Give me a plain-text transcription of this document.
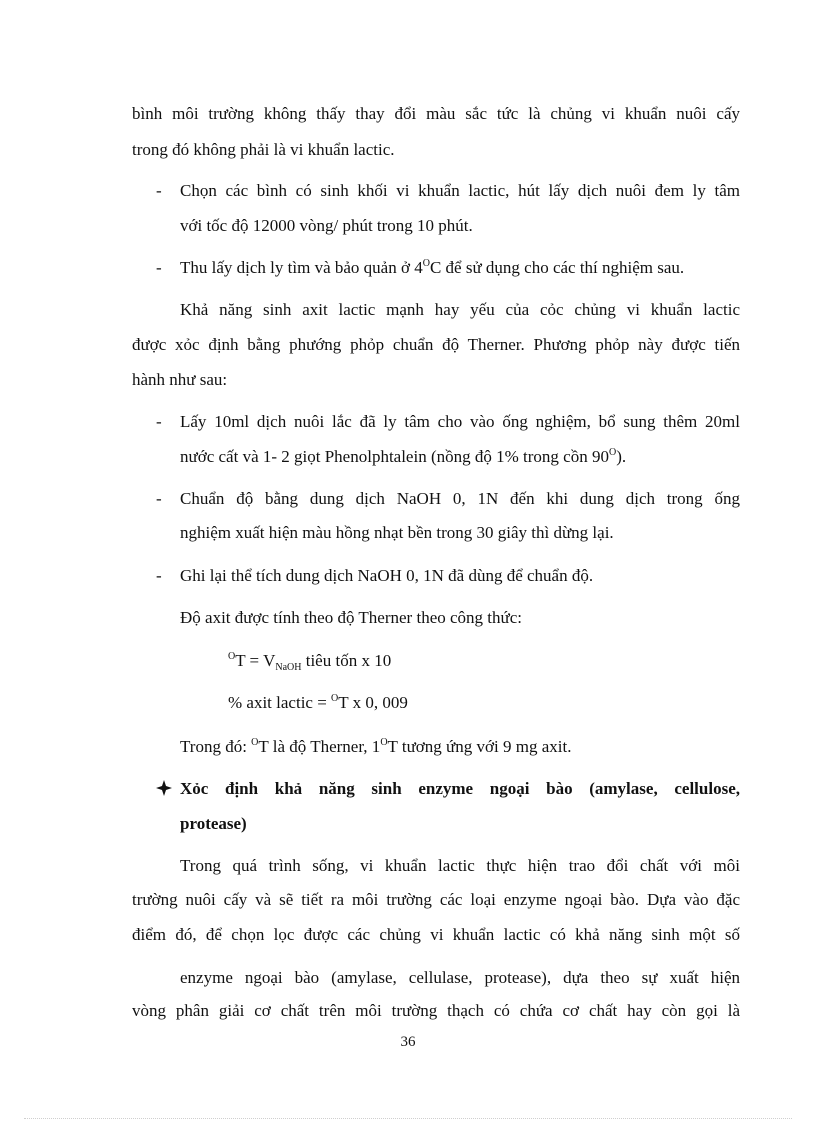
bình môi trường không thấy thay đổi màu sắc tức là chủng vi khuẩn nuôi cấy
trong đó không phải là vi khuẩn lactic.
- Chọn các bình có sinh khối vi khuẩn lactic, hút lấy dịch nuôi đem ly tâm
với tốc độ 12000 vòng/ phút trong 10 phút.
- Thu lấy dịch ly tìm và bảo quản ở $4^OC$ để sử dụng cho các thí nghiệm sau.
Khả năng sinh axit lactic mạnh hay yếu của cỏc chủng vi khuẩn lactic
được xỏc định bằng phướng phỏp chuẩn độ Therner. Phương phỏp này được tiến
hành như sau:
- Lấy 10ml dịch nuôi lắc đã ly tâm cho vào ống nghiệm, bổ sung thêm 20ml
nước cất và 1- 2 giọt Phenolphtalein (nồng độ 1% trong cồn $90^O$).
- Chuẩn độ bằng dung dịch NaOH 0, 1N đến khi dung dịch trong ống
nghiệm xuất hiện màu hồng nhạt bền trong 30 giây thì dừng lại.
- Ghi lại thể tích dung dịch NaOH 0, 1N đã dùng để chuẩn độ.
Độ axit được tính theo độ Therner theo công thức:
$^OT = V_{NaOH}$ tiêu tốn x 10
% axit lactic = $^O$T x 0, 009
Trong đó: $^O$T là độ Therner, $1^OT$ tương ứng với 9 mg axit.
Xỏc định khả năng sinh enzyme ngoại bào (amylase, cellulose,
protease)
Trong quá trình sống, vi khuẩn lactic thực hiện trao đổi chất với môi
trường nuôi cấy và sẽ tiết ra môi trường các loại enzyme ngoại bào. Dựa vào đặc
điểm đó, để chọn lọc được các chủng vi khuẩn lactic có khả năng sinh một số
enzyme ngoại bào (amylase, cellulase, protease), dựa theo sự xuất hiện
vòng phân giải cơ chất trên môi trường thạch có chứa cơ chất hay còn gọi là
36
